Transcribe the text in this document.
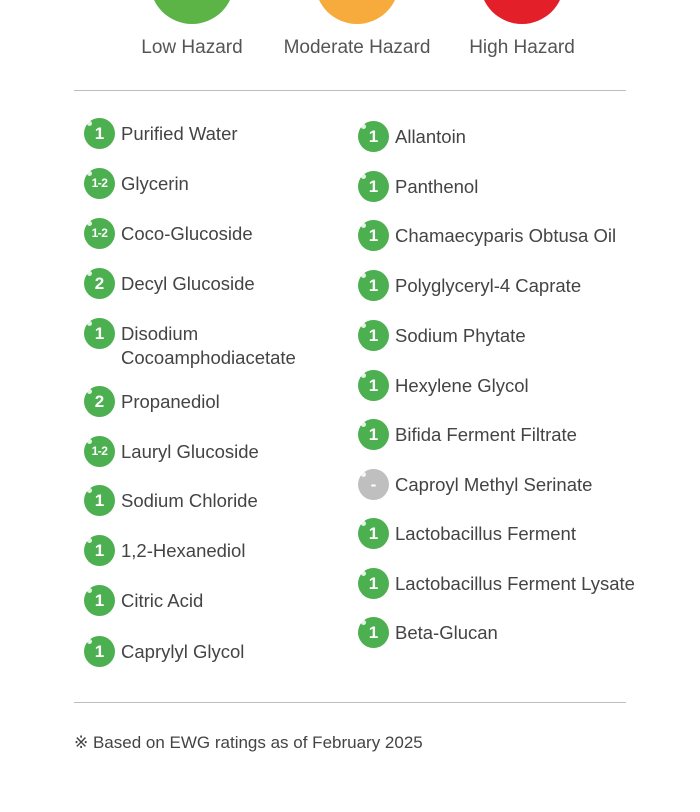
Low Hazard	Moderate Hazard	High Hazard
1 Purified Water
1-2 Glycerin
1-2 Coco-Glucoside
2 Decyl Glucoside
1 Disodium
Cocoamphodiacetate
2 Propanediol
1-2 Lauryl Glucoside
1 Sodium Chloride
1 1,2-Hexanediol
1 Citric Acid
1 Caprylyl Glycol
1 Allantoin
1 Panthenol
1 Chamaecyparis Obtusa Oil
1 Polyglyceryl-4 Caprate
1 Sodium Phytate
1 Hexylene Glycol
1 Bifida Ferment Filtrate
-	Caproyl Methyl Serinate
1 Lactobacillus Ferment
1 Lactobacillus Ferment Lysate
1 Beta-Glucan
※ Based on EWG ratings as of February 2025
